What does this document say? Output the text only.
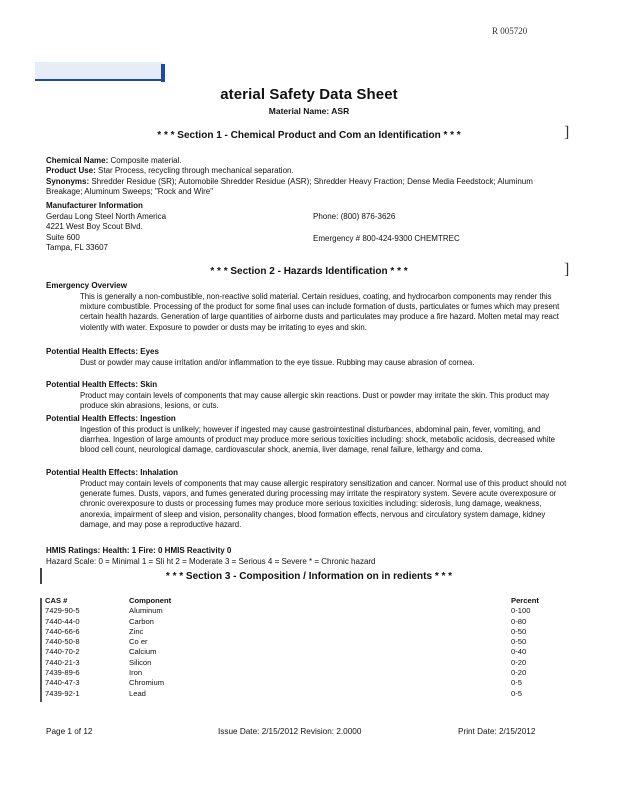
R 005720
aterial Safety Data Sheet
Material Name: ASR
* * * Section 1 - Chemical Product and Com an Identification * * *	]
Chemical Name: Composite material.
Product Use: Star Process, recycling through mechanical separation.
Synonyms: Shredder Residue (SR); Automobile Shredder Residue (ASR); Shredder Heavy Fraction; Dense Media Feedstock; Aluminum Breakage; Aluminum Sweeps; "Rock and Wire"
Manufacturer Information
Gerdau Long Steel North America
4221 West Boy Scout Blvd.
Suite 600
Tampa, FL 33607
Phone: (800) 876-3626
Emergency # 800-424-9300 CHEMTREC
* * * Section 2 - Hazards Identification * * *	]
Emergency Overview
This is generally a non-combustible, non-reactive solid material. Certain residues, coating, and hydrocarbon components may render this mixture combustible. Processing of the product for some final uses can include formation of dusts, particulates or fumes which may present certain health hazards. Generation of large quantities of airborne dusts and particulates may produce a fire hazard. Molten metal may react violently with water. Exposure to powder or dusts may be irritating to eyes and skin.
Potential Health Effects: Eyes
Dust or powder may cause irritation and/or inflammation to the eye tissue. Rubbing may cause abrasion of cornea.
Potential Health Effects: Skin
Product may contain levels of components that may cause allergic skin reactions. Dust or powder may irritate the skin. This product may produce skin abrasions, lesions, or cuts.
Potential Health Effects: Ingestion
Ingestion of this product is unlikely; however if ingested may cause gastrointestinal disturbances, abdominal pain, fever, vomiting, and diarrhea. Ingestion of large amounts of product may produce more serious toxicities including: shock, metabolic acidosis, decreased white blood cell count, neurological damage, cardiovascular shock, anemia, liver damage, renal failure, lethargy and coma.
Potential Health Effects: Inhalation
Product may contain levels of components that may cause allergic respiratory sensitization and cancer. Normal use of this product should not generate fumes. Dusts, vapors, and fumes generated during processing may irritate the respiratory system. Severe acute overexposure or chronic overexposure to dusts or processing fumes may produce more serious toxicities including: siderosis, lung damage, weakness, anorexia, impairment of sleep and vision, personality changes, blood formation effects, nervous and circulatory system damage, kidney damage, and may pose a reproductive hazard.
HMIS Ratings: Health: 1 Fire: 0 HMIS Reactivity 0
Hazard Scale: 0 = Minimal 1 = Sli ht 2 = Moderate 3 = Serious 4 = Severe * = Chronic hazard
* * * Section 3 - Composition / Information on in redients * * *
CAS #	Component	Percent
7429-90-5	Aluminum	0-100
7440-44-0	Carbon	0-80
7440-66-6	Zinc	0-50
7440-50-8	Co er	0-50
7440-70-2	Calcium	0-40
7440-21-3	Silicon	0-20
7439-89-6	Iron	0-20
7440-47-3	Chromium	0-5
7439-92-1	Lead	0-5
Page 1 of 12	Issue Date: 2/15/2012 Revision: 2.0000	Print Date: 2/15/2012
